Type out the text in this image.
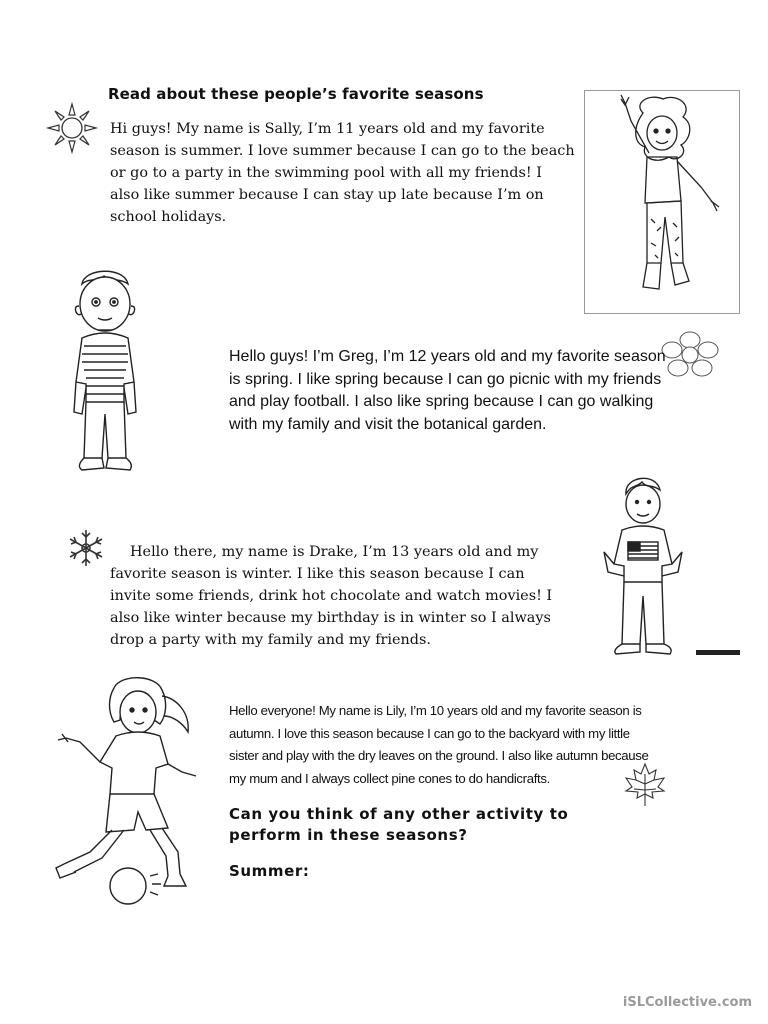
Read about these people’s favorite seasons
Hi guys! My name is Sally, I’m 11 years old and my favorite season is summer. I love summer because I can go to the beach or go to a party in the swimming pool with all my friends! I also like summer because I can stay up late because I’m on school holidays.
Hello guys! I’m Greg, I’m 12 years old and my favorite season is spring. I like spring because I can go picnic with my friends and play football. I also like spring because I can go walking with my family and visit the botanical garden.
Hello there, my name is Drake, I’m 13 years old and my favorite season is winter. I like this season because I can invite some friends, drink hot chocolate and watch movies! I also like winter because my birthday is in winter so I always drop a party with my family and my friends.
Hello everyone! My name is Lily, I’m 10 years old and my favorite season is autumn. I love this season because I can go to the backyard with my little sister and play with the dry leaves on the ground. I also like autumn because my mum and I always collect pine cones to do handicrafts.
Can you think of any other activity to perform in these seasons?
Summer:
iSLCollective.com
